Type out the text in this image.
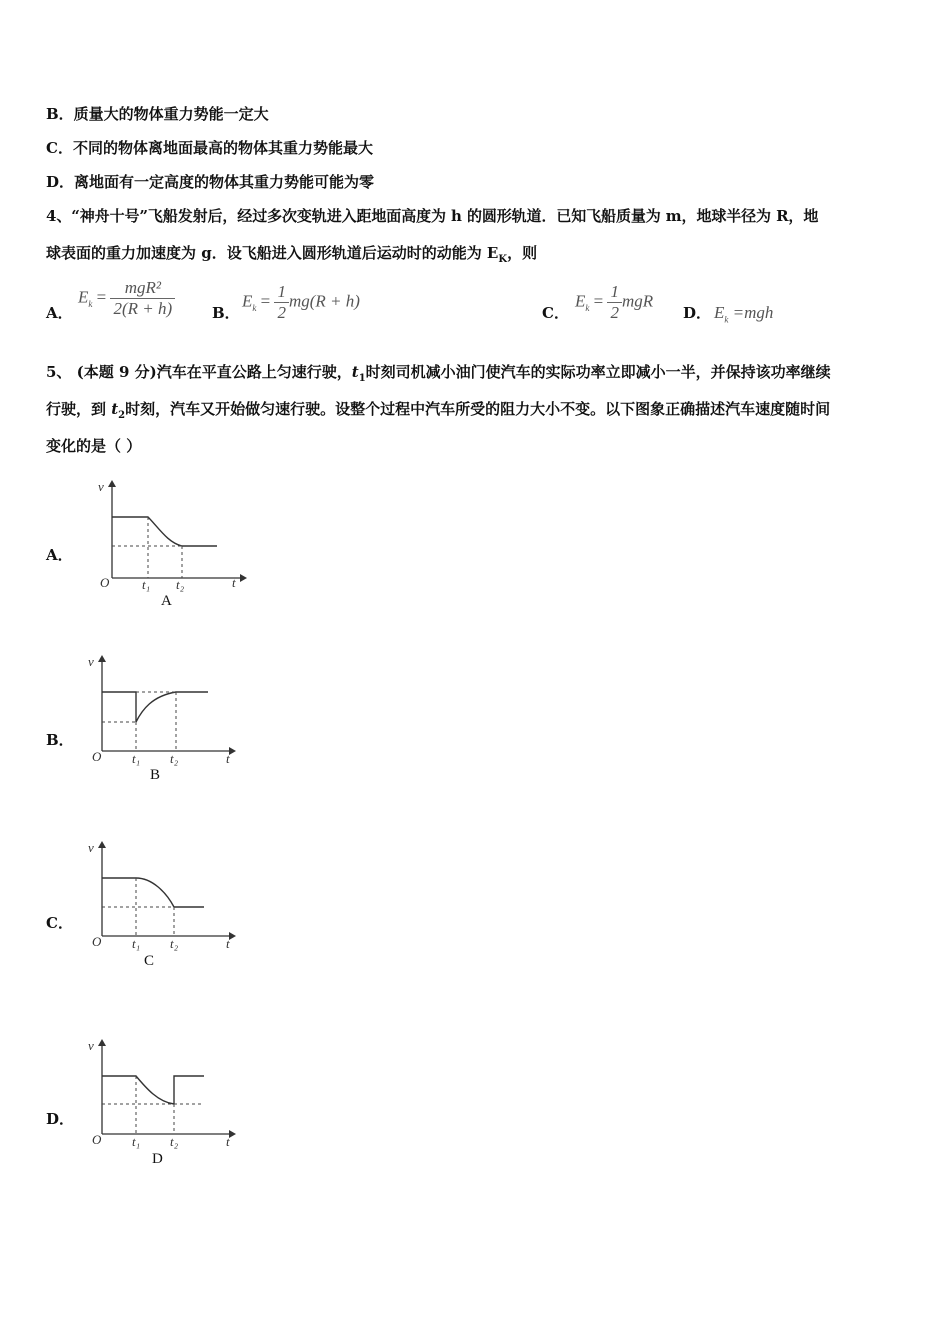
B．质量大的物体重力势能一定大
C．不同的物体离地面最高的物体其重力势能最大
D．离地面有一定高度的物体其重力势能可能为零
4、“神舟十号”飞船发射后，经过多次变轨进入距地面高度为 h 的圆形轨道．已知飞船质量为 m，地球半径为 R，地
球表面的重力加速度为 g．设飞船进入圆形轨道后运动时的动能为 $E_K$，则
A．
$E_k = \frac{\text{mgR²}}{2(R + h)}$ B．
$E_k = \frac{1}{2} mg(R + h)$
C．
$E_k = \frac{1}{2}$ mgR
D． $E_k =mgh$
5、 (本题 9 分)汽车在平直公路上匀速行驶，$t_1$时刻司机减小油门使汽车的实际功率立即减小一半，并保持该功率继续
行驶，到 $t_2$时刻，汽车又开始做匀速行驶。设整个过程中汽车所受的阻力大小不变。以下图象正确描述汽车速度随时间
变化的是（ ）
A．
B．
C．
D．
v
O	t
t₁ t₂
A
v
O	t
t₁ t₂
B
v
O	t
t₁ t₂
C
v
O	t
t₁ t₂
D
